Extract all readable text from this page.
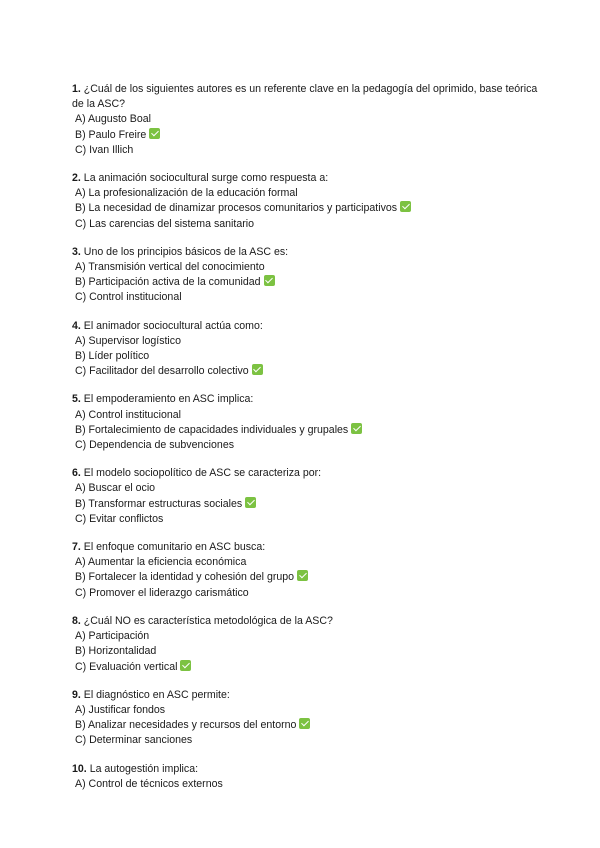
1. ¿Cuál de los siguientes autores es un referente clave en la pedagogía del oprimido, base teórica de la ASC?
A) Augusto Boal
B) Paulo Freire
C) Ivan Illich
2. La animación sociocultural surge como respuesta a:
A) La profesionalización de la educación formal
B) La necesidad de dinamizar procesos comunitarios y participativos
C) Las carencias del sistema sanitario
3. Uno de los principios básicos de la ASC es:
A) Transmisión vertical del conocimiento
B) Participación activa de la comunidad
C) Control institucional
4. El animador sociocultural actúa como:
A) Supervisor logístico
B) Líder político
C) Facilitador del desarrollo colectivo
5. El empoderamiento en ASC implica:
A) Control institucional
B) Fortalecimiento de capacidades individuales y grupales
C) Dependencia de subvenciones
6. El modelo sociopolítico de ASC se caracteriza por:
A) Buscar el ocio
B) Transformar estructuras sociales
C) Evitar conflictos
7. El enfoque comunitario en ASC busca:
A) Aumentar la eficiencia económica
B) Fortalecer la identidad y cohesión del grupo
C) Promover el liderazgo carismático
8. ¿Cuál NO es característica metodológica de la ASC?
A) Participación
B) Horizontalidad
C) Evaluación vertical
9. El diagnóstico en ASC permite:
A) Justificar fondos
B) Analizar necesidades y recursos del entorno
C) Determinar sanciones
10. La autogestión implica:
A) Control de técnicos externos
